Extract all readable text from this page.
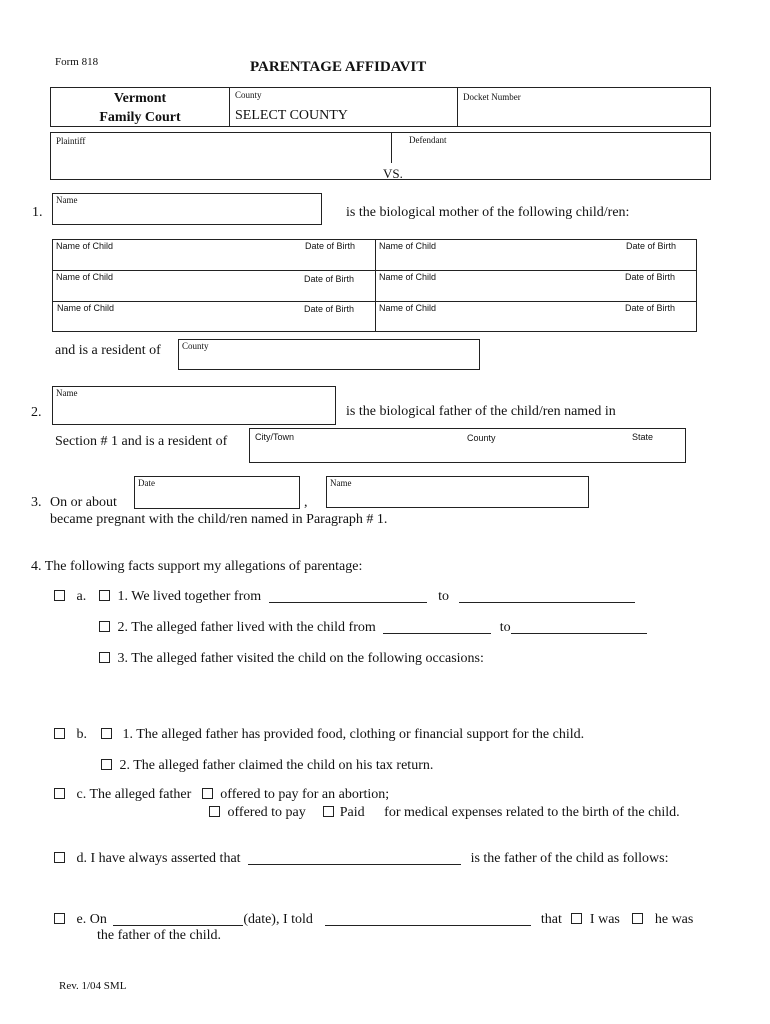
Form 818	PARENTAGE AFFIDAVIT
Vermont
Family Court
County
SELECT COUNTY
Docket Number
Plaintiff	Defendant
VS.
1.
Name
is the biological mother of the following child/ren:
Name of Child	Date of Birth	Name of Child	Date of Birth
Name of Child	Date of Birth	Name of Child	Date of Birth
Name of Child	Date of Birth	Name of Child	Date of Birth
and is a resident of County
2.
Name
is the biological father of the child/ren named in
Section # 1 and is a resident of	City/Town	County	State
3. On or about
Date
,
Name
became pregnant with the child/ren named in Paragraph # 1.
4. The following facts support my allegations of parentage:
a.	1. We lived together from	to
2. The alleged father lived with the child from	to
3. The alleged father visited the child on the following occasions:
b.	1. The alleged father has provided food, clothing or financial support for the child.
2. The alleged father claimed the child on his tax return.
c. The alleged father offered to pay for an abortion;
offered to pay Paid for medical expenses related to the birth of the child.
d. I have always asserted that	is the father of the child as follows:
e. On	(date), I told	that I was	he was
the father of the child.
Rev. 1/04 SML
